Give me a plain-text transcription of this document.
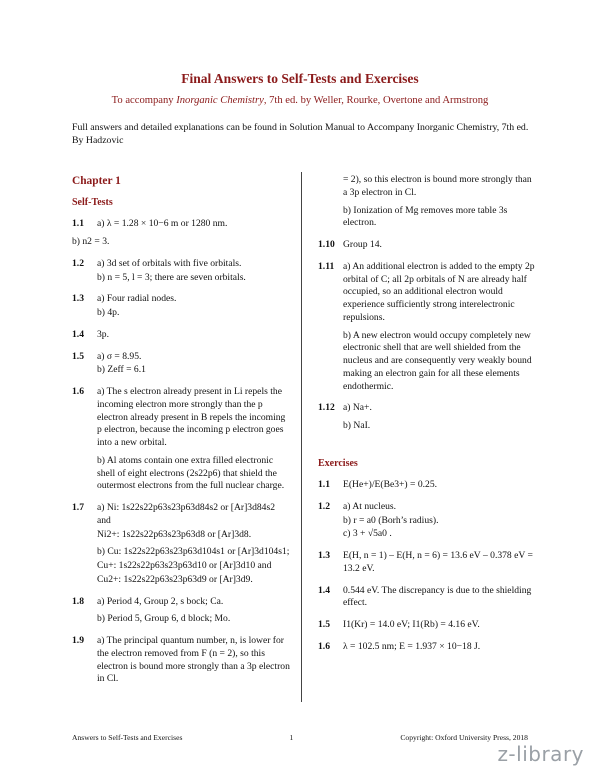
Final Answers to Self-Tests and Exercises
To accompany Inorganic Chemistry, 7th ed. by Weller, Rourke, Overtone and Armstrong
Full answers and detailed explanations can be found in Solution Manual to Accompany Inorganic Chemistry, 7th ed. By Hadzovic
Chapter 1
Self-Tests
1.1	a) λ = 1.28 × 10−6 m or 1280 nm.

b) n2 = 3.

1.2	a) 3d set of orbitals with five orbitals.

b) n = 5, l = 3; there are seven orbitals.

1.3	a) Four radial nodes.

b) 4p.

1.4	3p.

1.5	a) σ = 8.95.

b) Zeff = 6.1

1.6	a) The s electron already present in Li repels the incoming electron more strongly than the p electron already present in B repels the incoming p electron, because the incoming p electron goes into a new orbital.

b) Al atoms contain one extra filled electronic shell of eight electrons (2s22p6) that shield the outermost electrons from the full nuclear charge.

1.7	a) Ni: 1s22s22p63s23p63d84s2 or [Ar]3d84s2 and

Ni2+: 1s22s22p63s23p63d8 or [Ar]3d8.

b) Cu: 1s22s22p63s23p63d104s1 or [Ar]3d104s1;

Cu+: 1s22s22p63s23p63d10 or [Ar]3d10 and

Cu2+: 1s22s22p63s23p63d9 or [Ar]3d9.

1.8	a) Period 4, Group 2, s bock; Ca.

b) Period 5, Group 6, d block; Mo.

1.9	a) The principal quantum number, n, is lower for the electron removed from F (n = 2), so this electron is bound more strongly than a 3p electron in Cl.

= 2), so this electron is bound more strongly than a 3p electron in Cl.

b) Ionization of Mg removes more table 3s electron.

1.10 Group 14.

1.11 a) An additional electron is added to the empty 2p orbital of C; all 2p orbitals of N are already half occupied, so an additional electron would experience sufficiently strong interelectronic repulsions.

b) A new electron would occupy completely new electronic shell that are well shielded from the nucleus and are consequently very weakly bound making an electron gain for all these elements endothermic.

1.12 a) Na+.

b) NaI.

Exercises
1.1	E(He+)/E(Be3+) = 0.25.

1.2	a) At nucleus.

b) r = a0 (Borh’s radius).

c) 3 + √5a0 .

1.3	E(H, n = 1) – E(H, n = 6) = 13.6 eV – 0.378 eV = 13.2 eV.

1.4	0.544 eV. The discrepancy is due to the shielding effect.

1.5	I1(Kr) = 14.0 eV; I1(Rb) = 4.16 eV.

1.6	λ = 102.5 nm; E = 1.937 × 10−18 J.

Answers to Self-Tests and Exercises	1	Copyright: Oxford University Press, 2018
z-library
